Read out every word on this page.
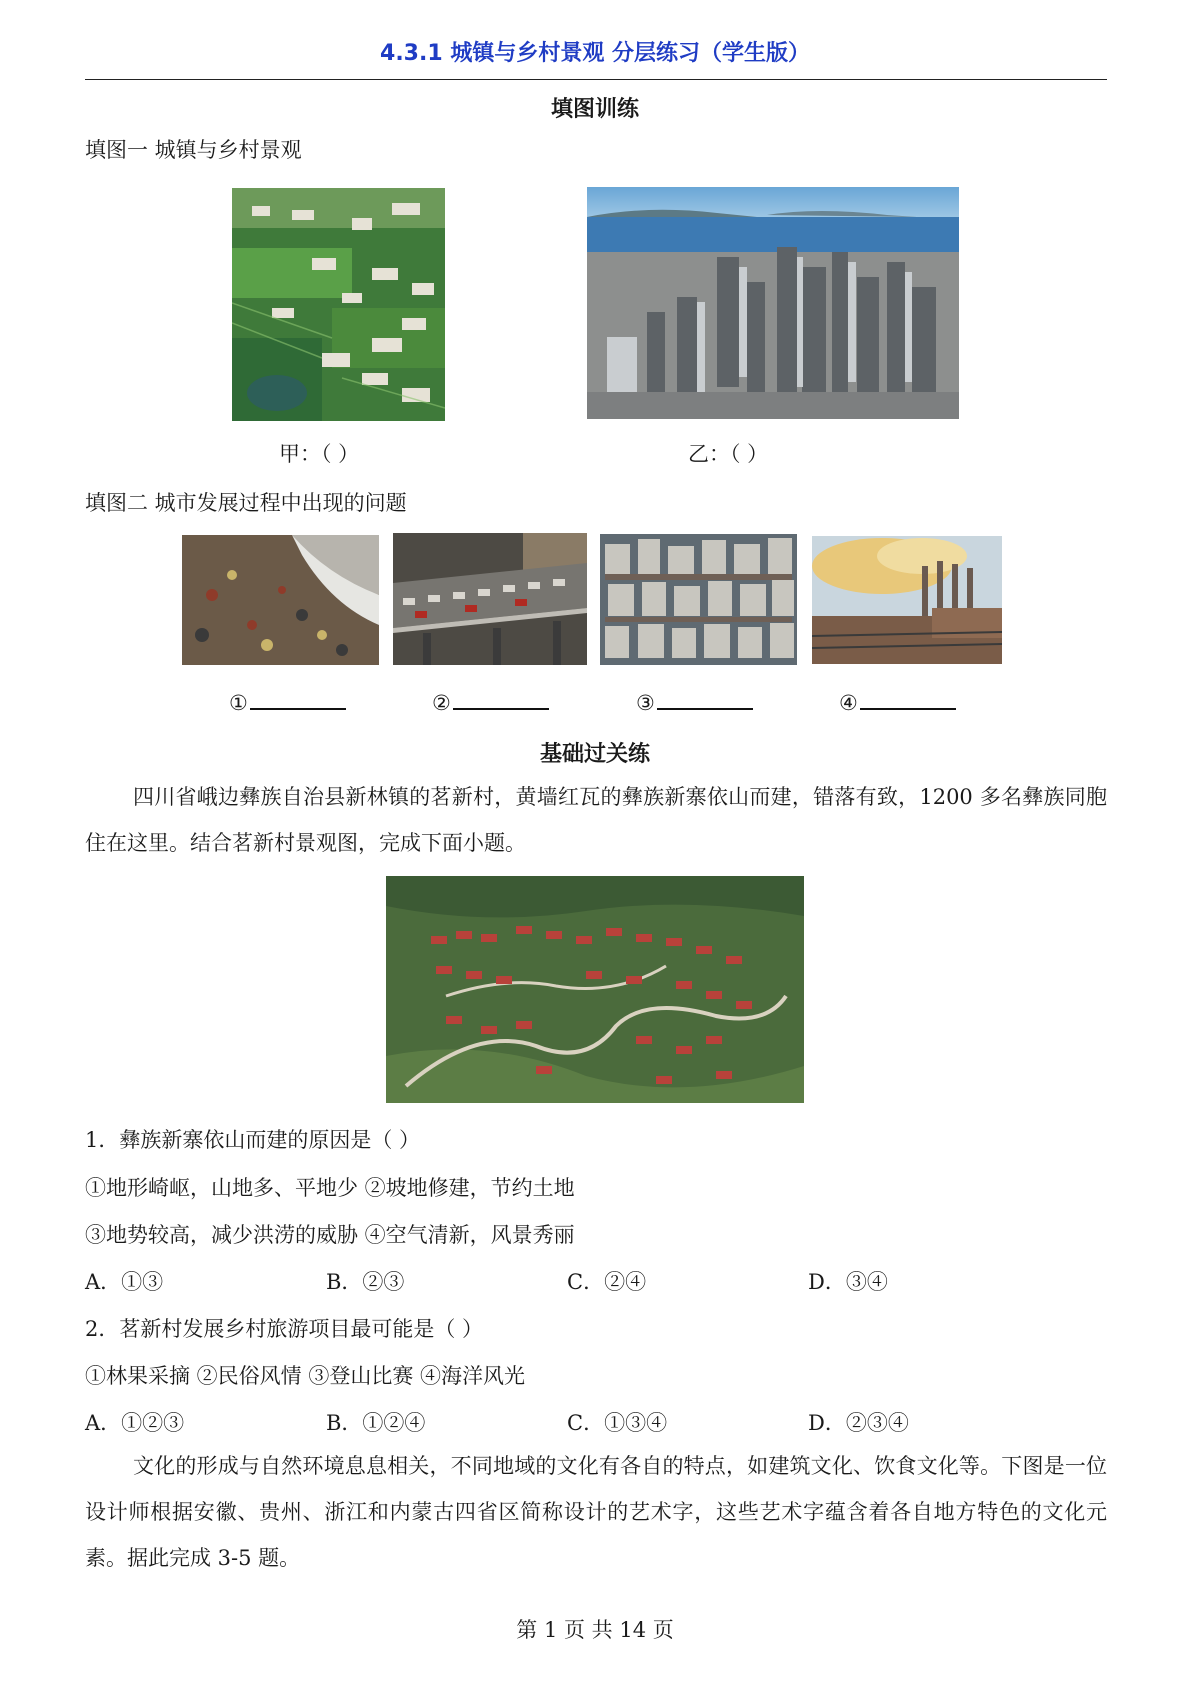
4.3.1 城镇与乡村景观 分层练习（学生版）
填图训练
填图一 城镇与乡村景观
甲：（ ）	乙：（ ）
填图二 城市发展过程中出现的问题
①	②	③	④
基础过关练
四川省峨边彝族自治县新林镇的茗新村，黄墙红瓦的彝族新寨依山而建，错落有致，1200 多名彝族同胞住在这里。结合茗新村景观图，完成下面小题。
1．彝族新寨依山而建的原因是（ ）
①地形崎岖，山地多、平地少 ②坡地修建，节约土地
③地势较高，减少洪涝的威胁 ④空气清新，风景秀丽
A．①③	B．②③	C．②④	D．③④
2．茗新村发展乡村旅游项目最可能是（ ）
①林果采摘 ②民俗风情 ③登山比赛 ④海洋风光
A．①②③	B．①②④	C．①③④	D．②③④
文化的形成与自然环境息息相关，不同地域的文化有各自的特点，如建筑文化、饮食文化等。下图是一位设计师根据安徽、贵州、浙江和内蒙古四省区简称设计的艺术字，这些艺术字蕴含着各自地方特色的文化元素。据此完成 3-5 题。
第 1 页 共 14 页
